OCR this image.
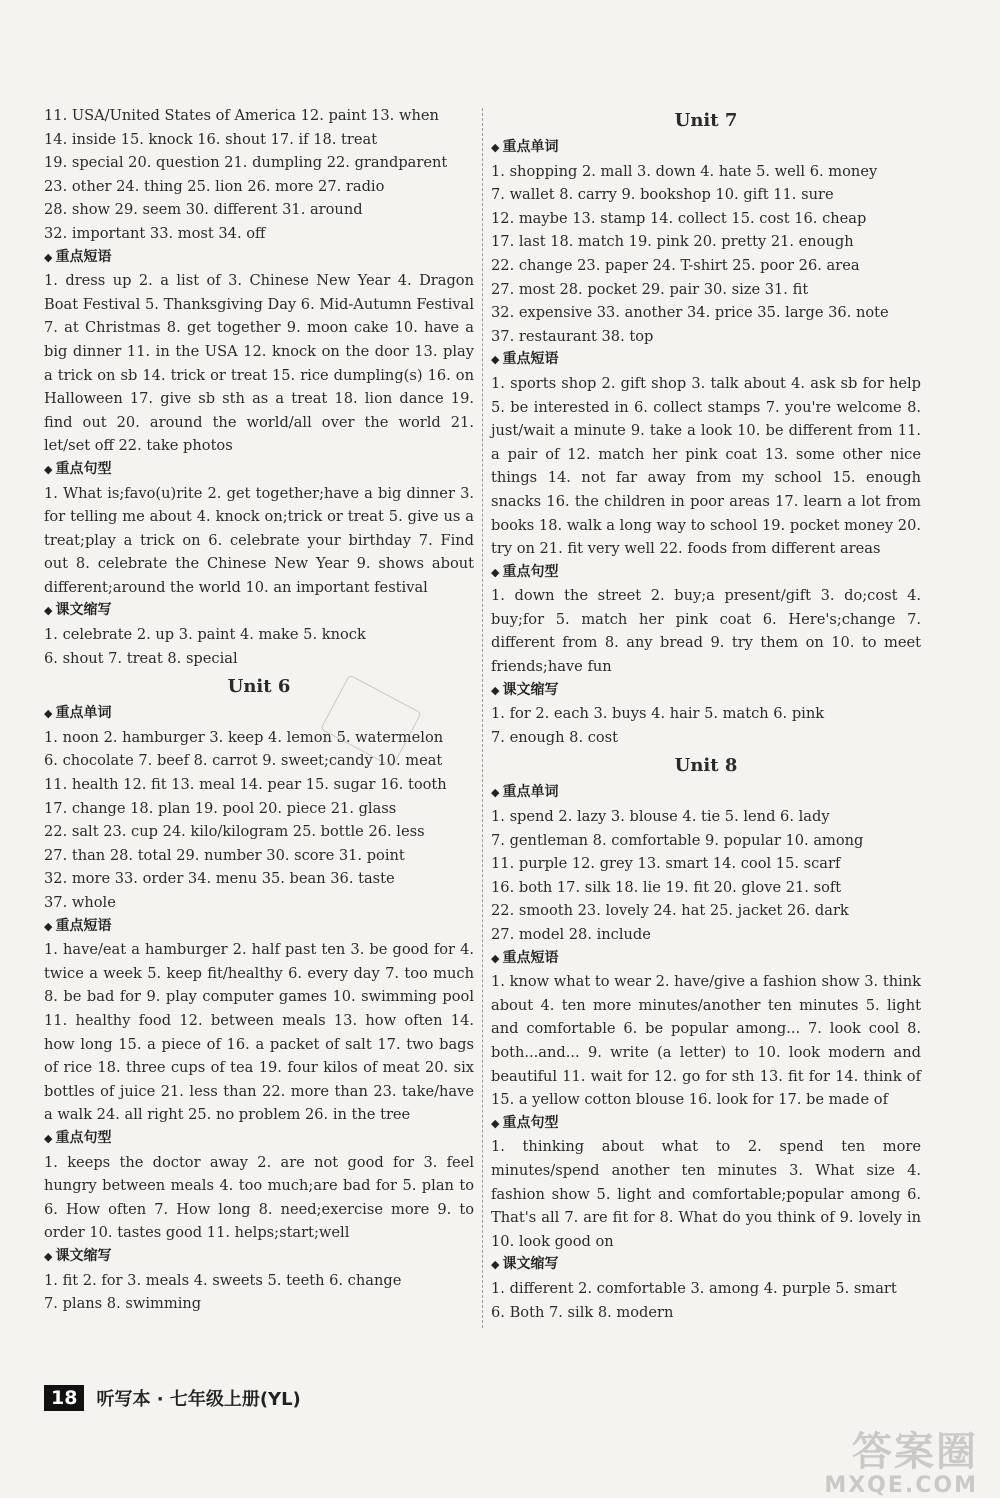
11. USA/United States of America 12. paint 13. when
14. inside 15. knock 16. shout 17. if 18. treat
19. special 20. question 21. dumpling 22. grandparent
23. other 24. thing 25. lion 26. more 27. radio
28. show 29. seem 30. different 31. around
32. important 33. most 34. off
◆ 重点短语
1. dress up 2. a list of 3. Chinese New Year 4. Dragon Boat Festival 5. Thanksgiving Day 6. Mid-Autumn Festival 7. at Christmas 8. get together 9. moon cake 10. have a big dinner 11. in the USA 12. knock on the door 13. play a trick on sb 14. trick or treat 15. rice dumpling(s) 16. on Halloween 17. give sb sth as a treat 18. lion dance 19. find out 20. around the world/all over the world 21. let/set off 22. take photos
◆ 重点句型
1. What is;favo(u)rite 2. get together;have a big dinner 3. for telling me about 4. knock on;trick or treat 5. give us a treat;play a trick on 6. celebrate your birthday 7. Find out 8. celebrate the Chinese New Year 9. shows about different;around the world 10. an important festival
◆ 课文缩写
1. celebrate 2. up 3. paint 4. make 5. knock
6. shout 7. treat 8. special
Unit 6
◆ 重点单词
1. noon 2. hamburger 3. keep 4. lemon 5. watermelon
6. chocolate 7. beef 8. carrot 9. sweet;candy 10. meat
11. health 12. fit 13. meal 14. pear 15. sugar 16. tooth
17. change 18. plan 19. pool 20. piece 21. glass
22. salt 23. cup 24. kilo/kilogram 25. bottle 26. less
27. than 28. total 29. number 30. score 31. point
32. more 33. order 34. menu 35. bean 36. taste
37. whole
◆ 重点短语
1. have/eat a hamburger 2. half past ten 3. be good for 4. twice a week 5. keep fit/healthy 6. every day 7. too much 8. be bad for 9. play computer games 10. swimming pool 11. healthy food 12. between meals 13. how often 14. how long 15. a piece of 16. a packet of salt 17. two bags of rice 18. three cups of tea 19. four kilos of meat 20. six bottles of juice 21. less than 22. more than 23. take/have a walk 24. all right 25. no problem 26. in the tree
◆ 重点句型
1. keeps the doctor away 2. are not good for 3. feel hungry between meals 4. too much;are bad for 5. plan to 6. How often 7. How long 8. need;exercise more 9. to order 10. tastes good 11. helps;start;well
◆ 课文缩写
1. fit 2. for 3. meals 4. sweets 5. teeth 6. change
7. plans 8. swimming
Unit 7
◆ 重点单词
1. shopping 2. mall 3. down 4. hate 5. well 6. money
7. wallet 8. carry 9. bookshop 10. gift 11. sure
12. maybe 13. stamp 14. collect 15. cost 16. cheap
17. last 18. match 19. pink 20. pretty 21. enough
22. change 23. paper 24. T-shirt 25. poor 26. area
27. most 28. pocket 29. pair 30. size 31. fit
32. expensive 33. another 34. price 35. large 36. note
37. restaurant 38. top
◆ 重点短语
1. sports shop 2. gift shop 3. talk about 4. ask sb for help 5. be interested in 6. collect stamps 7. you're welcome 8. just/wait a minute 9. take a look 10. be different from 11. a pair of 12. match her pink coat 13. some other nice things 14. not far away from my school 15. enough snacks 16. the children in poor areas 17. learn a lot from books 18. walk a long way to school 19. pocket money 20. try on 21. fit very well 22. foods from different areas
◆ 重点句型
1. down the street 2. buy;a present/gift 3. do;cost 4. buy;for 5. match her pink coat 6. Here's;change 7. different from 8. any bread 9. try them on 10. to meet friends;have fun
◆ 课文缩写
1. for 2. each 3. buys 4. hair 5. match 6. pink
7. enough 8. cost
Unit 8
◆ 重点单词
1. spend 2. lazy 3. blouse 4. tie 5. lend 6. lady
7. gentleman 8. comfortable 9. popular 10. among
11. purple 12. grey 13. smart 14. cool 15. scarf
16. both 17. silk 18. lie 19. fit 20. glove 21. soft
22. smooth 23. lovely 24. hat 25. jacket 26. dark
27. model 28. include
◆ 重点短语
1. know what to wear 2. have/give a fashion show 3. think about 4. ten more minutes/another ten minutes 5. light and comfortable 6. be popular among... 7. look cool 8. both...and... 9. write (a letter) to 10. look modern and beautiful 11. wait for 12. go for sth 13. fit for 14. think of 15. a yellow cotton blouse 16. look for 17. be made of
◆ 重点句型
1. thinking about what to 2. spend ten more minutes/spend another ten minutes 3. What size 4. fashion show 5. light and comfortable;popular among 6. That's all 7. are fit for 8. What do you think of 9. lovely in 10. look good on
◆ 课文缩写
1. different 2. comfortable 3. among 4. purple 5. smart
6. Both 7. silk 8. modern
18	听写本 · 七年级上册(YL)
答案圈
MXQE.COM
